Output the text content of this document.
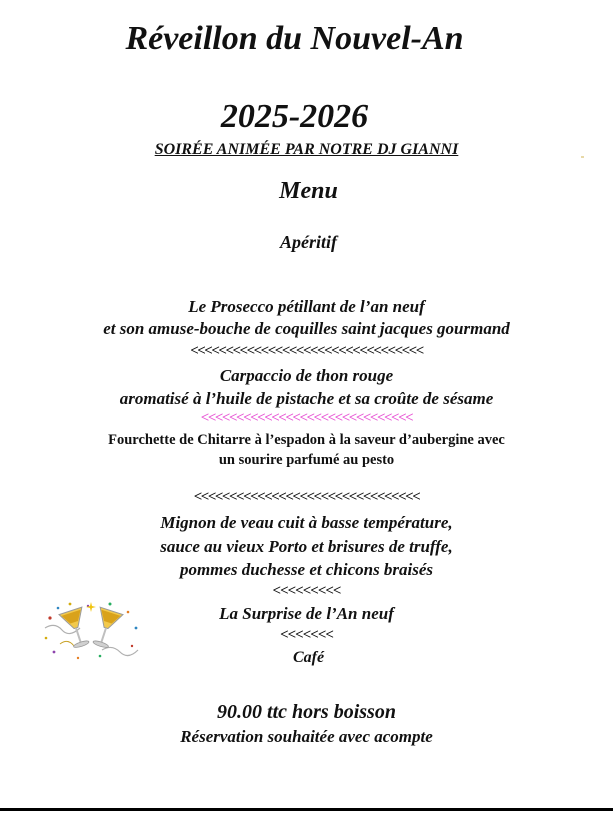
Réveillon du Nouvel-An
2025-2026
SOIRÉE ANIMÉE PAR NOTRE DJ GIANNI
Menu
Apéritif
Le Prosecco pétillant de l’an neuf
et son amuse-bouche de coquilles saint jacques gourmand
<<<<<<<<<<<<<<<<<<<<<<<<<<<<<<<<<
Carpaccio de thon rouge
aromatisé à l’huile de pistache et sa croûte de sésame
<<<<<<<<<<<<<<<<<<<<<<<<<<<<<<
Fourchette de Chitarre à l’espadon à la saveur d’aubergine avec
un sourire parfumé au pesto
<<<<<<<<<<<<<<<<<<<<<<<<<<<<<<<<
Mignon de veau cuit à basse température,
sauce au vieux Porto et brisures de truffe,
pommes duchesse et chicons braisés
<<<<<<<<<
La Surprise de l’An neuf
<<<<<<<
Café
90.00 ttc hors boisson
Réservation souhaitée avec acompte
